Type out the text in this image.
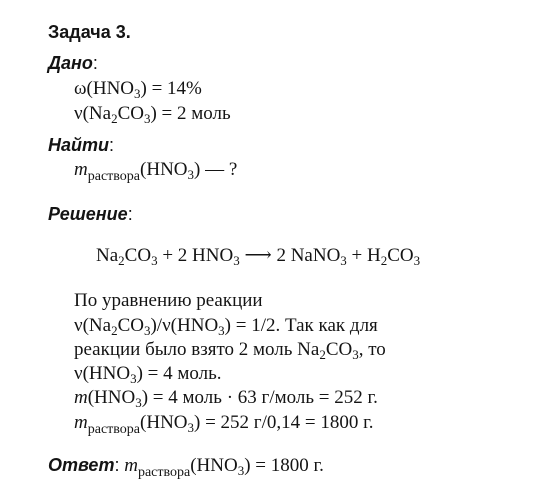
Задача 3.
Дано:
$\omega(HNO_3) = 14\%$
$\nu(Na_2CO_3) = 2$ моль
Найти:
$m_{раствора}(HNO_3)$ — ?
Решение:
$Na_2CO_3 + 2$ $HNO_3$ ⟶ 2 NaNO$_3$ + $H_2CO_3$
По уравнению реакции
$\nu(Na_2CO_3)/\nu(HNO_3) = 1/2$. Так как для
реакции было взято 2 моль $Na_2CO_3$, то
$\nu(HNO_3) = 4$ моль.
$m(HNO_3) = 4$ моль · 63 г/моль = 252 г.
$m_{раствора}(HNO_3) = 252$ г/0,14 = 1800 г.
Ответ: $m_{раствора}(HNO_3) = 1800$ г.
